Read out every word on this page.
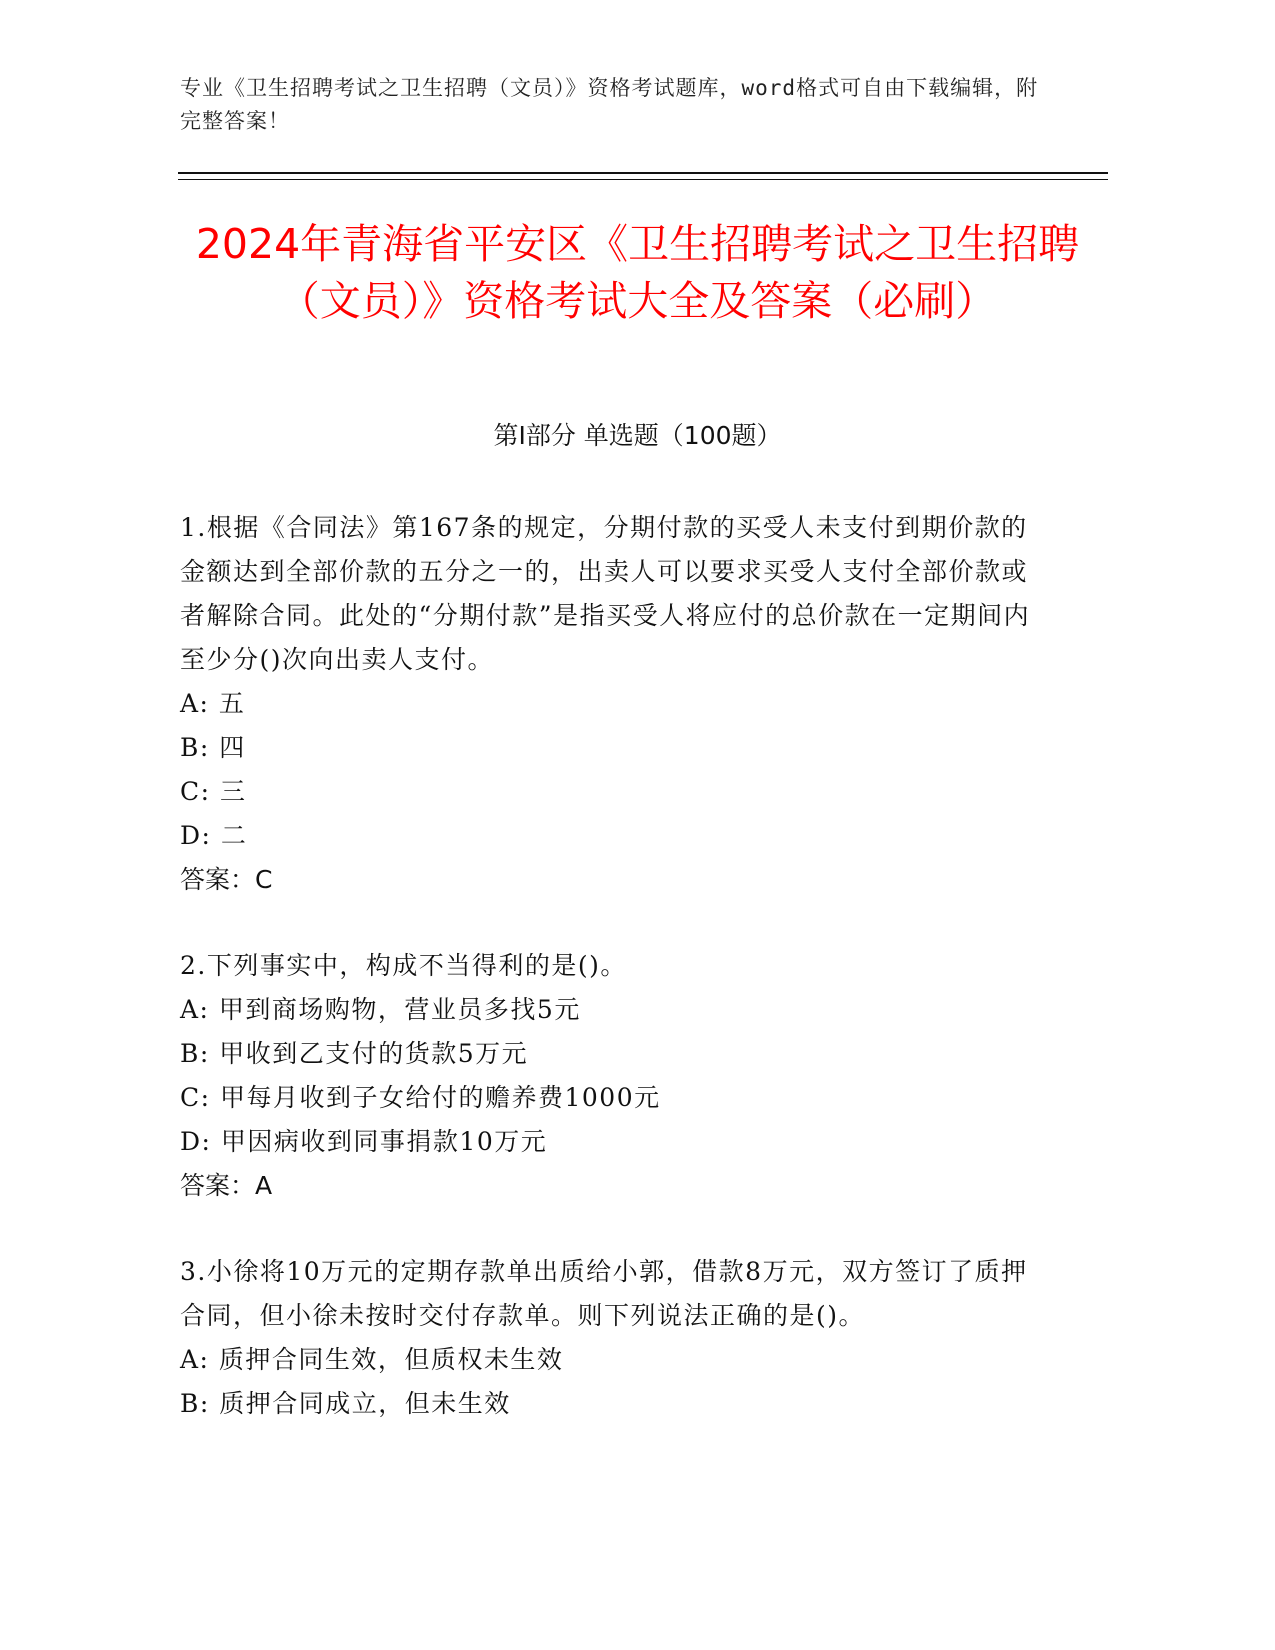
专业《卫生招聘考试之卫生招聘（文员）》资格考试题库，word格式可自由下载编辑，附完整答案！
2024年青海省平安区《卫生招聘考试之卫生招聘（文员）》资格考试大全及答案（必刷）
第Ⅰ部分 单选题（100题）

1.根据《合同法》第167条的规定，分期付款的买受人未支付到期价款的金额达到全部价款的五分之一的，出卖人可以要求买受人支付全部价款或者解除合同。此处的“分期付款”是指买受人将应付的总价款在一定期间内至少分()次向出卖人支付。

A: 五

B: 四

C: 三

D: 二

答案：C

2.下列事实中，构成不当得利的是()。

A: 甲到商场购物，营业员多找5元

B: 甲收到乙支付的货款5万元

C: 甲每月收到子女给付的赡养费1000元

D: 甲因病收到同事捐款10万元

答案：A

3.小徐将10万元的定期存款单出质给小郭，借款8万元，双方签订了质押合同，但小徐未按时交付存款单。则下列说法正确的是()。

A: 质押合同生效，但质权未生效

B: 质押合同成立，但未生效
